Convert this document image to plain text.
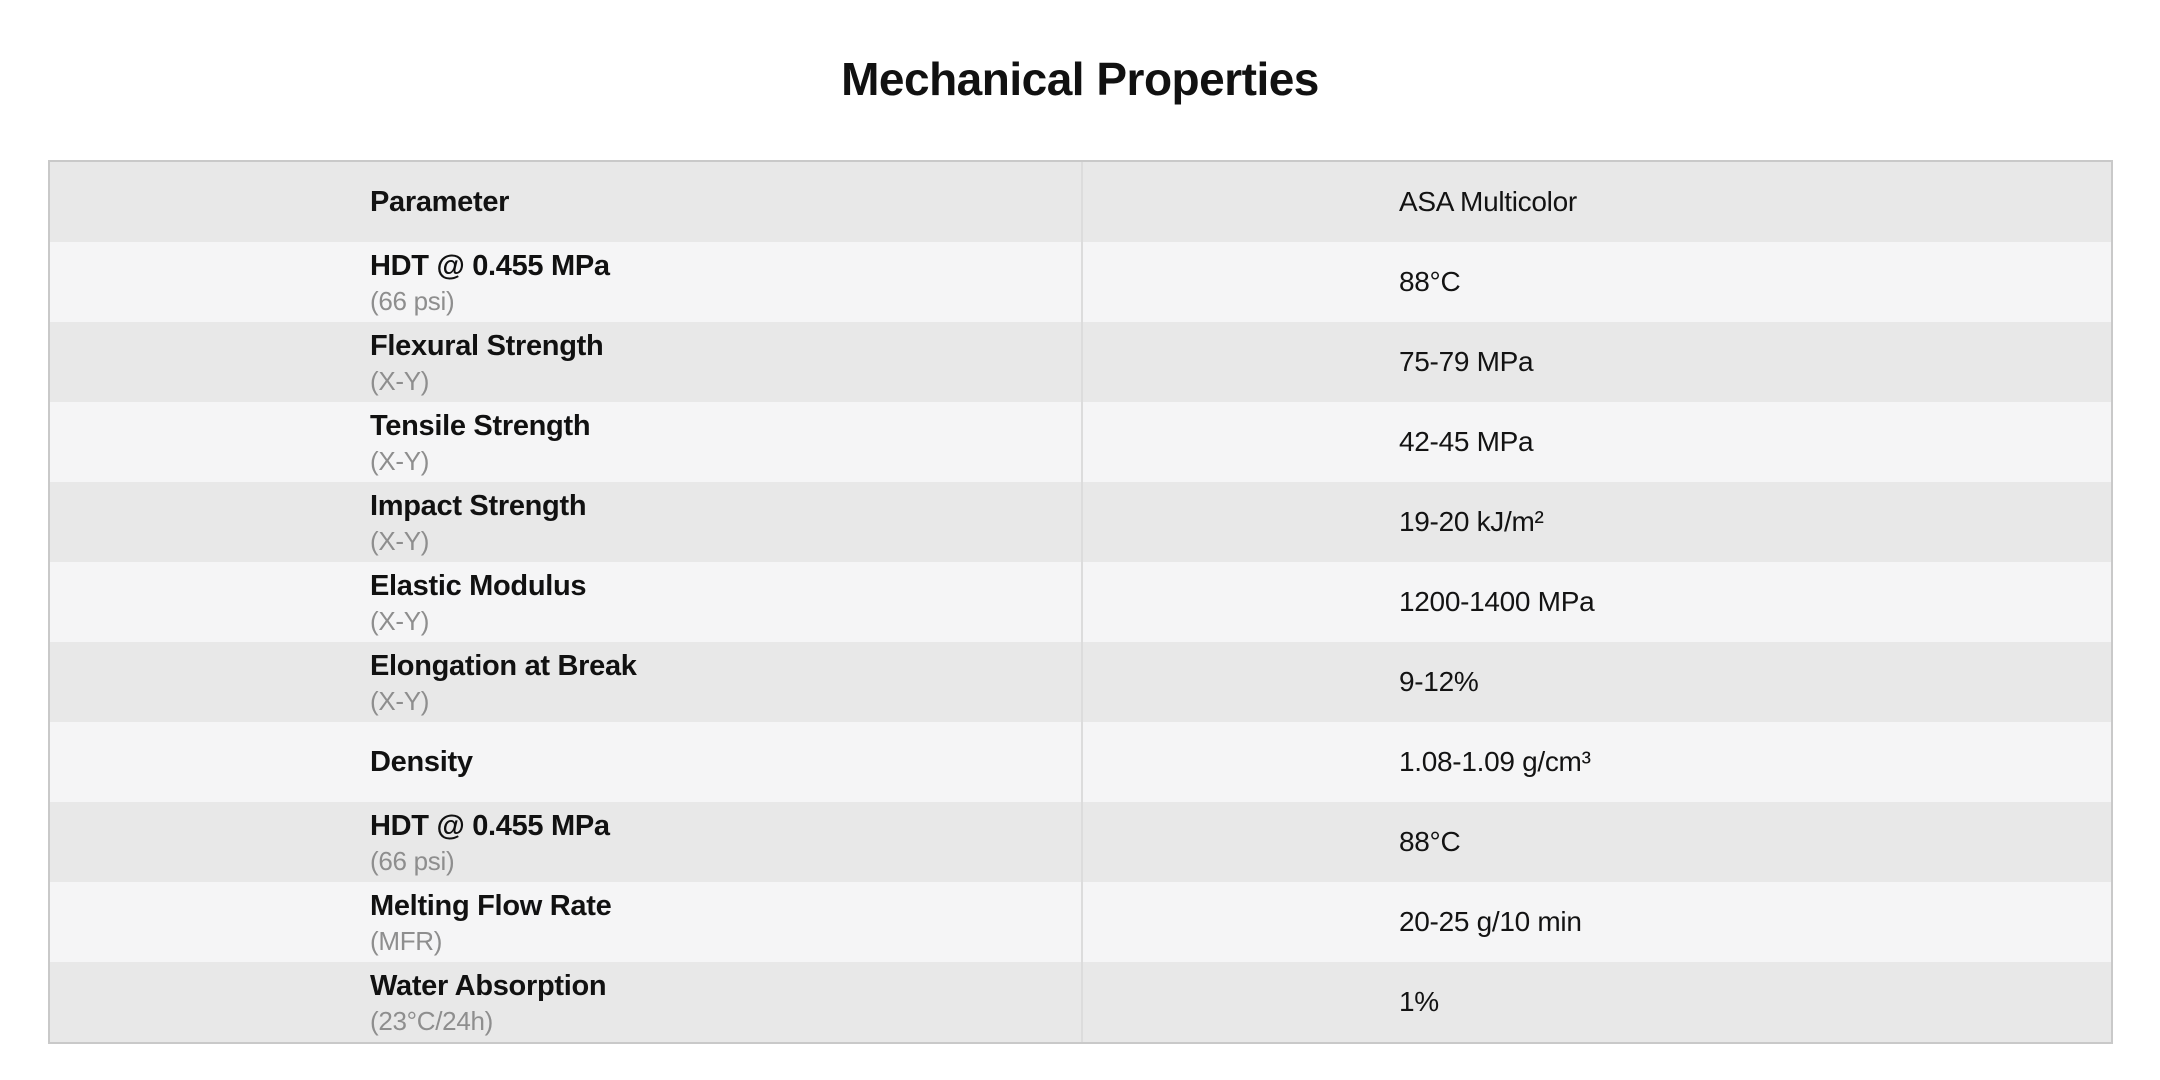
Mechanical Properties
Parameter	ASA Multicolor
HDT @ 0.455 MPa
(66 psi)
88°C
Flexural Strength
(X-Y)
75-79 MPa
Tensile Strength
(X-Y)
42-45 MPa
Impact Strength
(X-Y)
19-20 kJ/m²
Elastic Modulus
(X-Y)
1200-1400 MPa
Elongation at Break
(X-Y)
9-12%
Density	1.08-1.09 g/cm³
HDT @ 0.455 MPa
(66 psi)
88°C
Melting Flow Rate
(MFR)
20-25 g/10 min
Water Absorption
(23°C/24h)
1%
